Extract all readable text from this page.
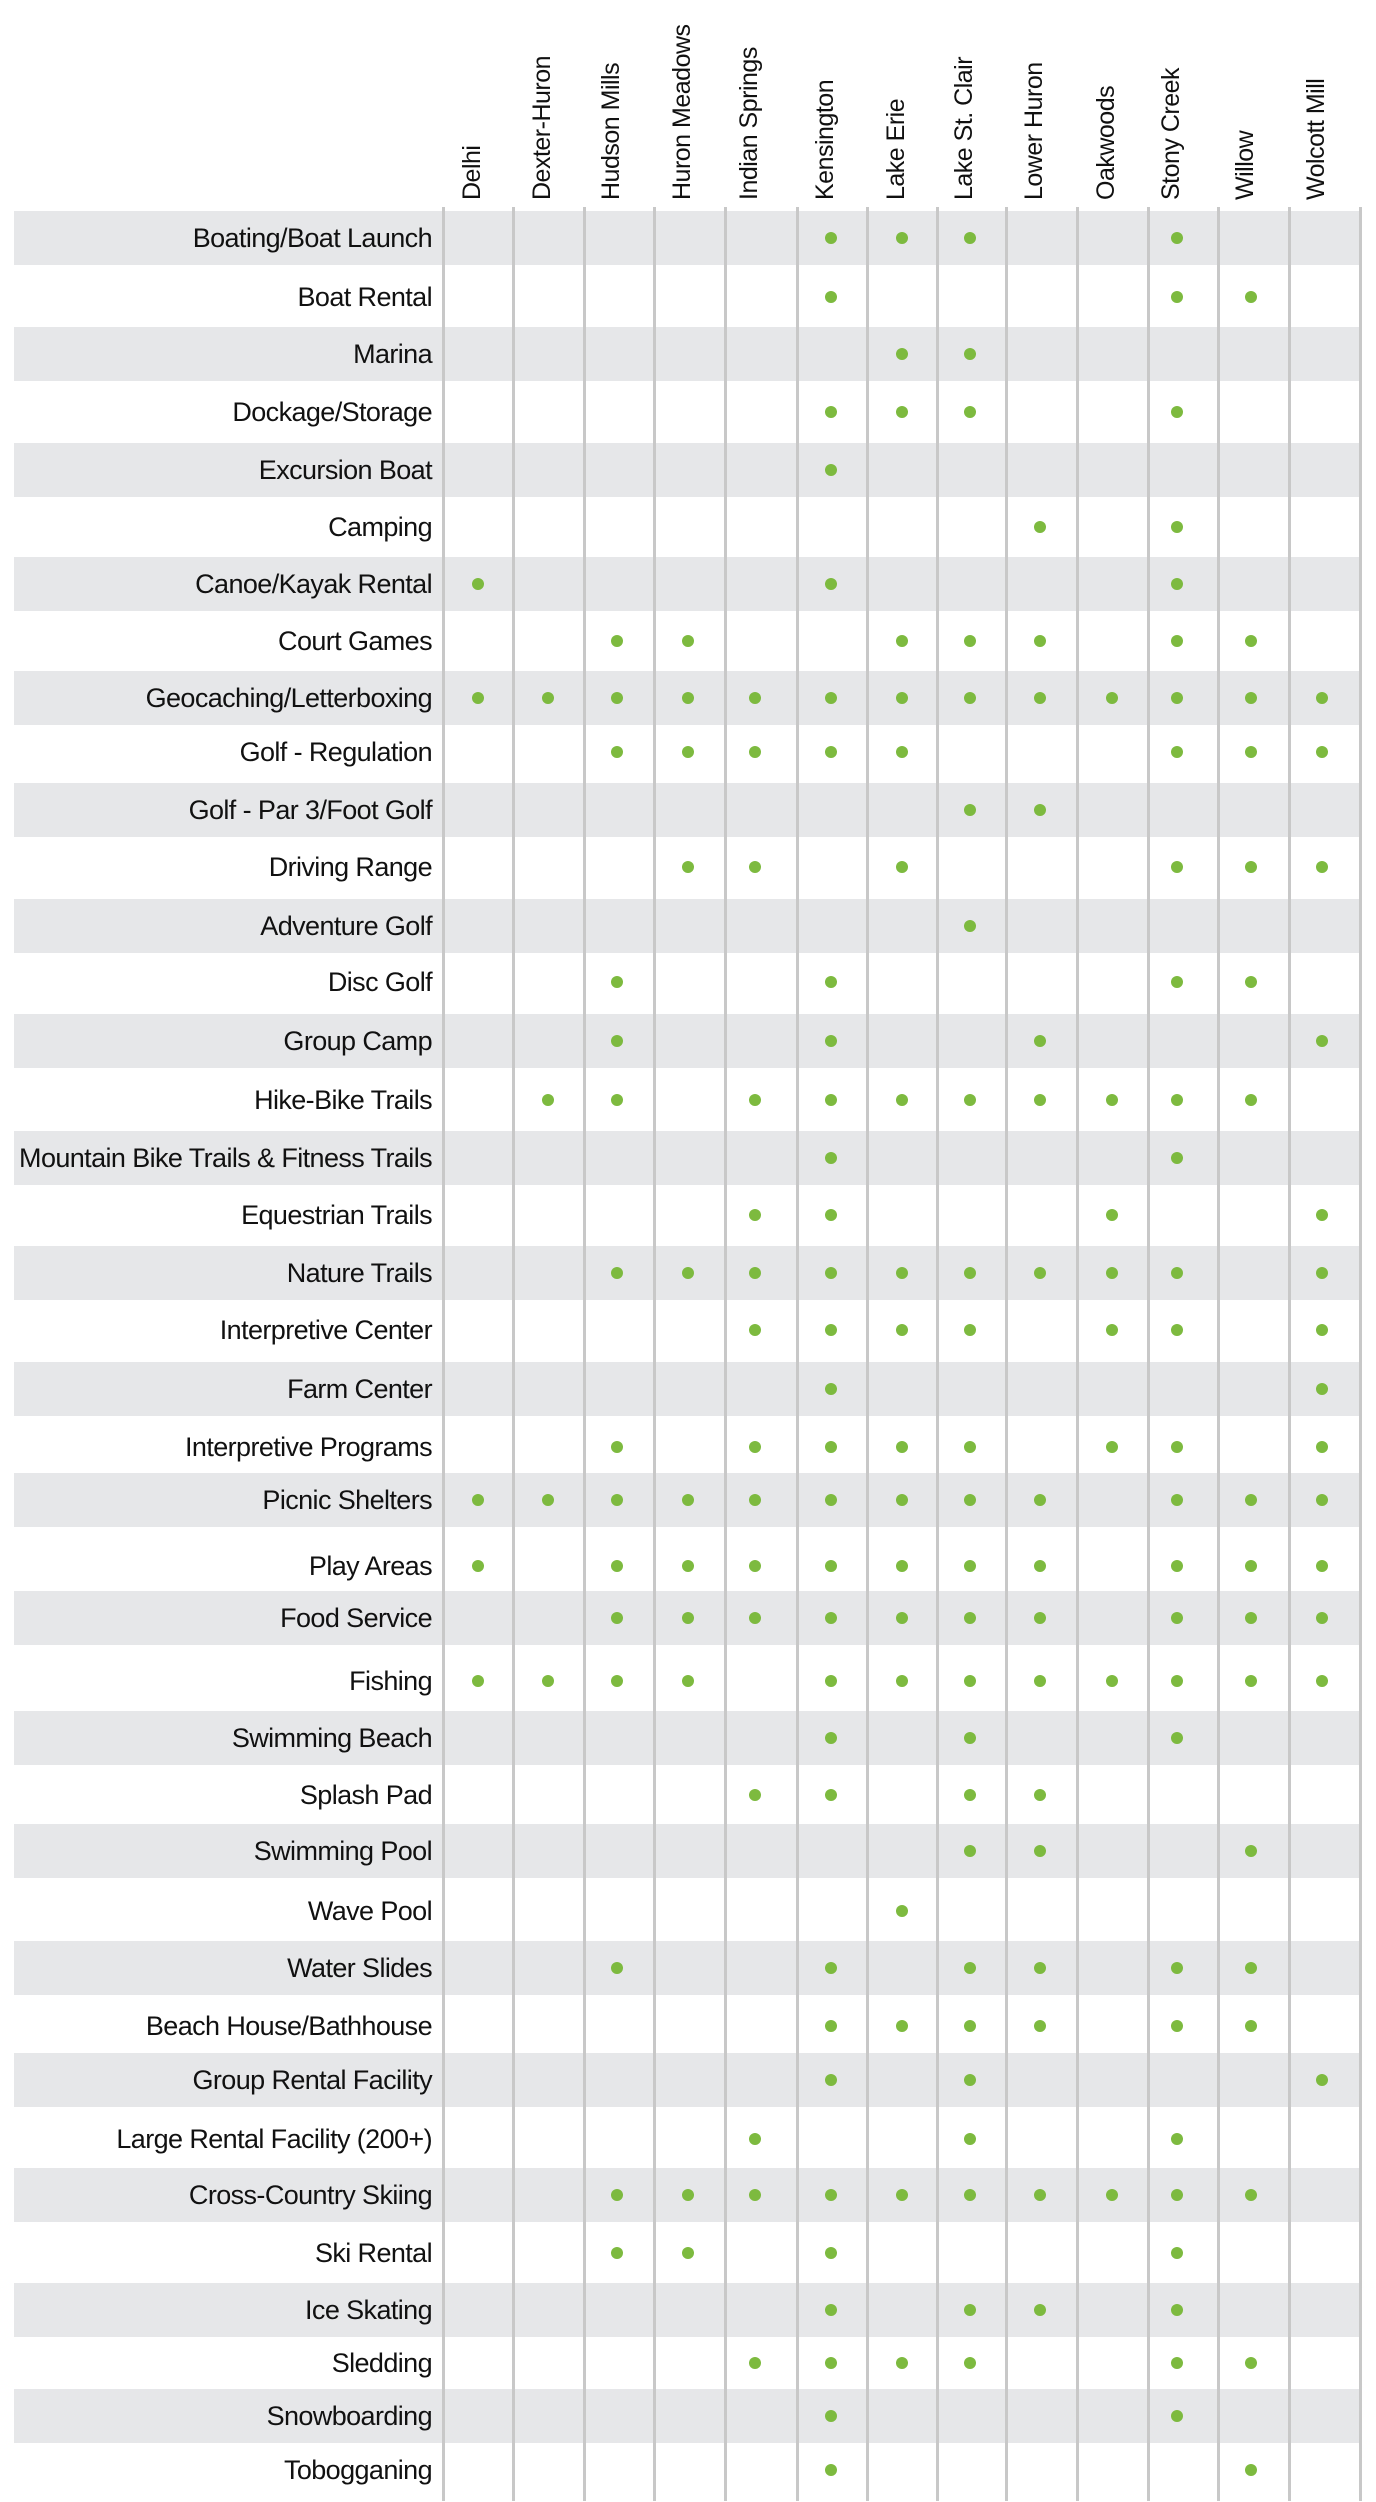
Delhi Dexter-Huron Hudson Mills Huron Meadows Indian Springs Kensington Lake Erie Lake St. Clair Lower Huron Oakwoods Stony Creek Willow Wolcott Mill
Boating/Boat Launch
Boat Rental
Marina
Dockage/Storage
Excursion Boat
Camping
Canoe/Kayak Rental
Court Games
Geocaching/Letterboxing
Golf - Regulation
Golf - Par 3/Foot Golf
Driving Range
Adventure Golf
Disc Golf
Group Camp
Hike-Bike Trails
Mountain Bike Trails & Fitness Trails
Equestrian Trails
Nature Trails
Interpretive Center
Farm Center
Interpretive Programs
Picnic Shelters
Play Areas
Food Service
Fishing
Swimming Beach
Splash Pad
Swimming Pool
Wave Pool
Water Slides
Beach House/Bathhouse
Group Rental Facility
Large Rental Facility (200+)
Cross-Country Skiing
Ski Rental
Ice Skating
Sledding
Snowboarding
Tobogganing
